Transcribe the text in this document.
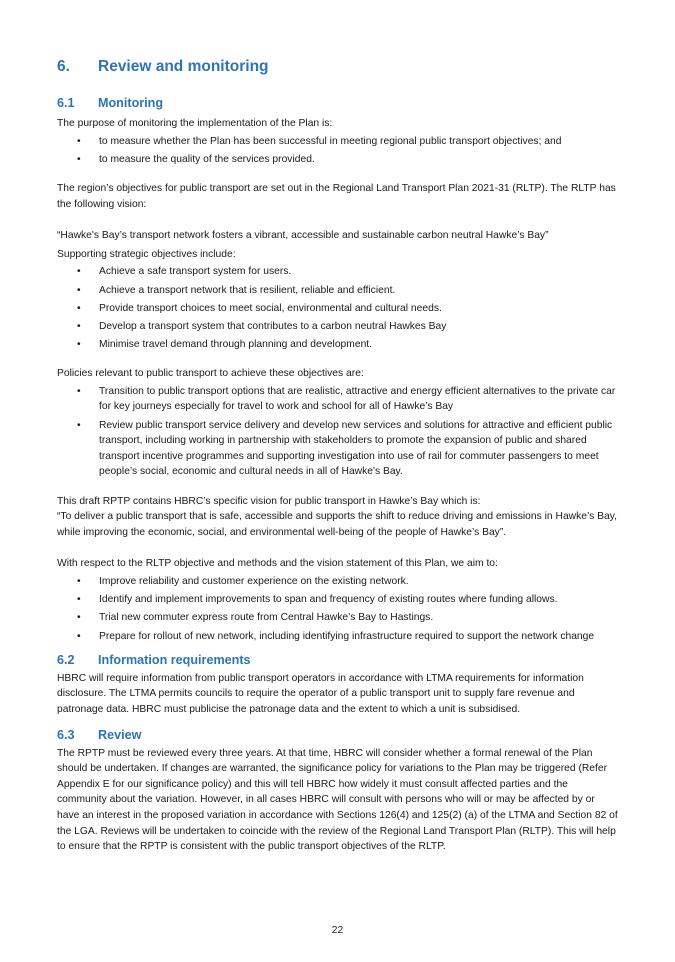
6.	Review and monitoring
6.1	Monitoring

The purpose of monitoring the implementation of the Plan is:

• to measure whether the Plan has been successful in meeting regional public transport objectives; and
• to measure the quality of the services provided.

The region’s objectives for public transport are set out in the Regional Land Transport Plan 2021-31 (RLTP). The RLTP has the following vision:

“Hawke's Bay’s transport network fosters a vibrant, accessible and sustainable carbon neutral Hawke’s Bay”

Supporting strategic objectives include:

• Achieve a safe transport system for users.
• Achieve a transport network that is resilient, reliable and efficient.
• Provide transport choices to meet social, environmental and cultural needs.
• Develop a transport system that contributes to a carbon neutral Hawkes Bay
• Minimise travel demand through planning and development.

Policies relevant to public transport to achieve these objectives are:

• Transition to public transport options that are realistic, attractive and energy efficient alternatives to the private car for key journeys especially for travel to work and school for all of Hawke’s Bay
• Review public transport service delivery and develop new services and solutions for attractive and efficient public transport, including working in partnership with stakeholders to promote the expansion of public and shared transport incentive programmes and supporting investigation into use of rail for commuter passengers to meet people’s social, economic and cultural needs in all of Hawke's Bay.

This draft RPTP contains HBRC’s specific vision for public transport in Hawke’s Bay which is:

“To deliver a public transport that is safe, accessible and supports the shift to reduce driving and emissions in Hawke’s Bay, while improving the economic, social, and environmental well-being of the people of Hawke’s Bay”.

With respect to the RLTP objective and methods and the vision statement of this Plan, we aim to:

• Improve reliability and customer experience on the existing network.
• Identify and implement improvements to span and frequency of existing routes where funding allows.
• Trial new commuter express route from Central Hawke’s Bay to Hastings.
• Prepare for rollout of new network, including identifying infrastructure required to support the network change
6.2	Information requirements

HBRC will require information from public transport operators in accordance with LTMA requirements for information disclosure. The LTMA permits councils to require the operator of a public transport unit to supply fare revenue and patronage data. HBRC must publicise the patronage data and the extent to which a unit is subsidised.

6.3	Review

The RPTP must be reviewed every three years. At that time, HBRC will consider whether a formal renewal of the Plan should be undertaken. If changes are warranted, the significance policy for variations to the Plan may be triggered (Refer Appendix E for our significance policy) and this will tell HBRC how widely it must consult affected parties and the community about the variation. However, in all cases HBRC will consult with persons who will or may be affected by or have an interest in the proposed variation in accordance with Sections 126(4) and 125(2) (a) of the LTMA and Section 82 of the LGA. Reviews will be undertaken to coincide with the review of the Regional Land Transport Plan (RLTP). This will help to ensure that the RPTP is consistent with the public transport objectives of the RLTP.

22
